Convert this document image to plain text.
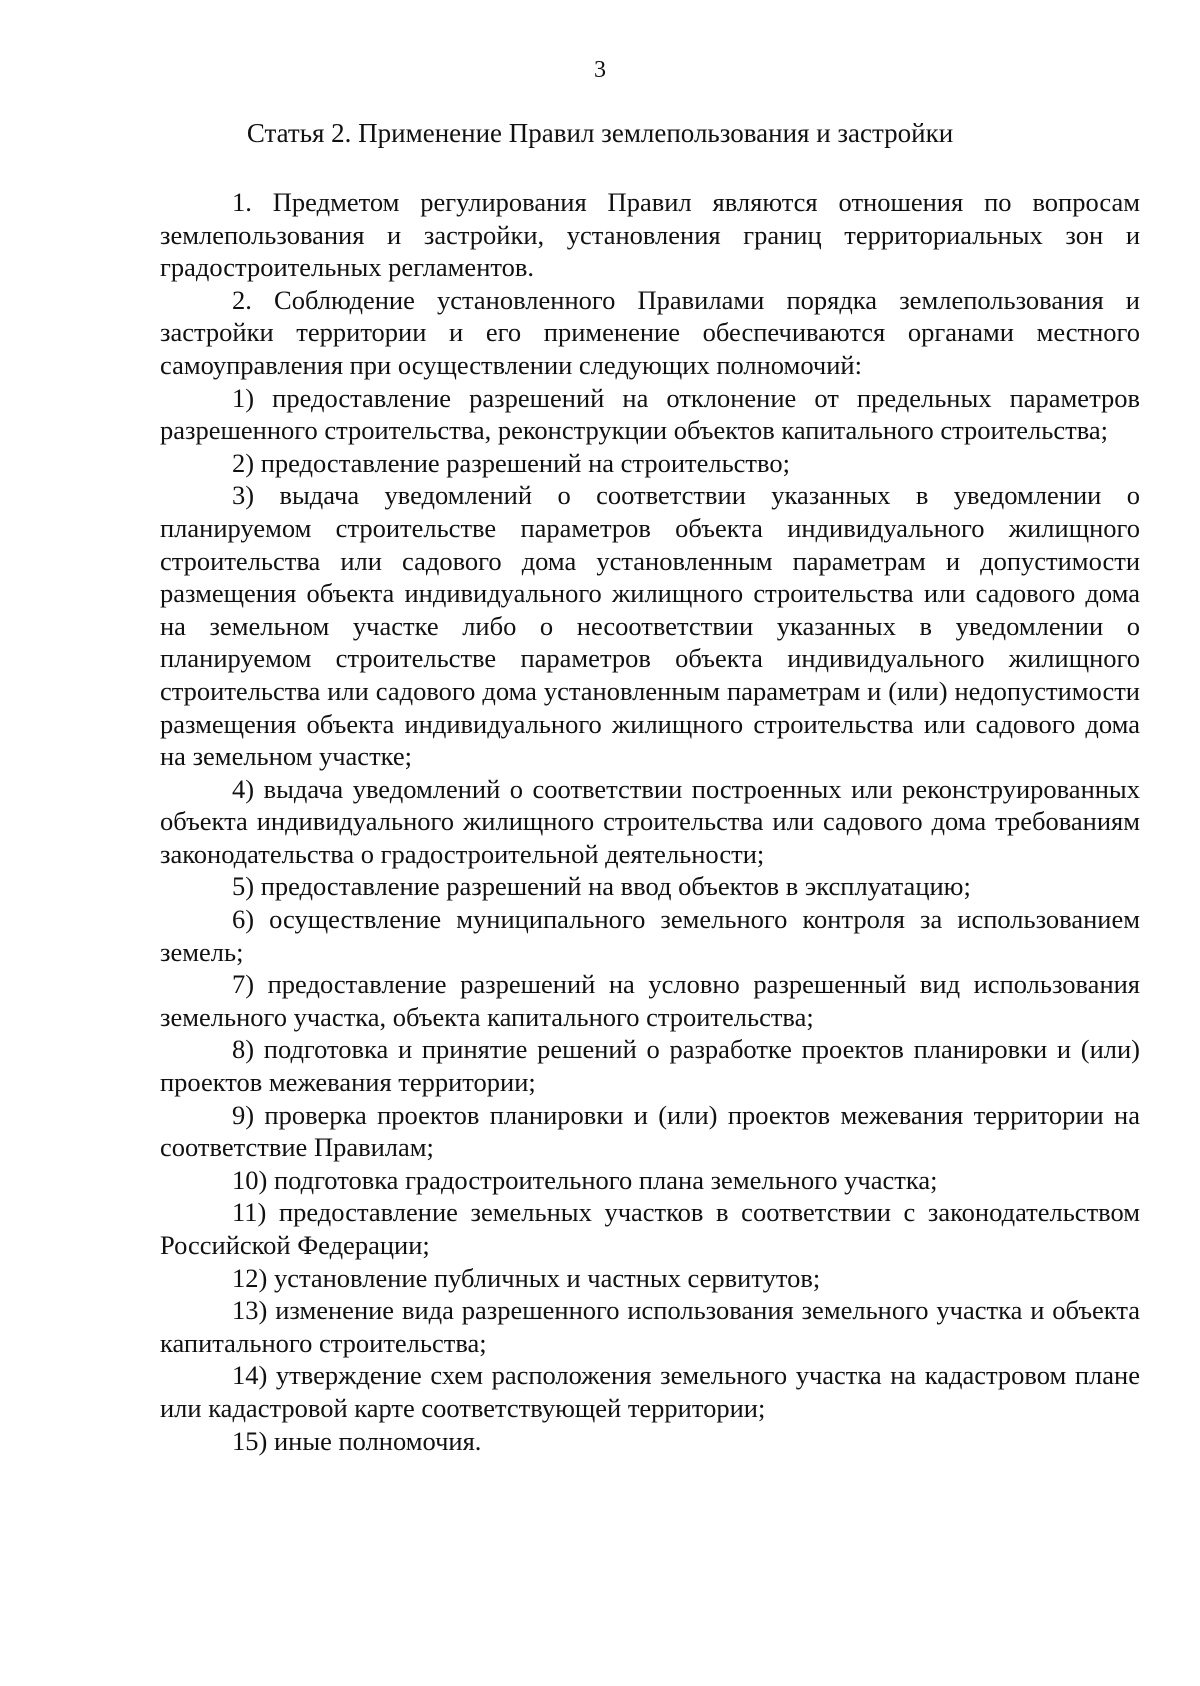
3
Статья 2. Применение Правил землепользования и застройки

1. Предметом регулирования Правил являются отношения по вопросам землепользования и застройки, установления границ территориальных зон и градостроительных регламентов.

2. Соблюдение установленного Правилами порядка землепользования и застройки территории и его применение обеспечиваются органами местного самоуправления при осуществлении следующих полномочий:

1) предоставление разрешений на отклонение от предельных параметров разрешенного строительства, реконструкции объектов капитального строительства;

2) предоставление разрешений на строительство;

3) выдача уведомлений о соответствии указанных в уведомлении о планируемом строительстве параметров объекта индивидуального жилищного строительства или садового дома установленным параметрам и допустимости размещения объекта индивидуального жилищного строительства или садового дома на земельном участке либо о несоответствии указанных в уведомлении о планируемом строительстве параметров объекта индивидуального жилищного строительства или садового дома установленным параметрам и (или) недопустимости размещения объекта индивидуального жилищного строительства или садового дома на земельном участке;

4) выдача уведомлений о соответствии построенных или реконструированных объекта индивидуального жилищного строительства или садового дома требованиям законодательства о градостроительной деятельности;

5) предоставление разрешений на ввод объектов в эксплуатацию;

6) осуществление муниципального земельного контроля за использованием земель;

7) предоставление разрешений на условно разрешенный вид использования земельного участка, объекта капитального строительства;

8) подготовка и принятие решений о разработке проектов планировки и (или) проектов межевания территории;

9) проверка проектов планировки и (или) проектов межевания территории на соответствие Правилам;

10) подготовка градостроительного плана земельного участка;

11) предоставление земельных участков в соответствии с законодательством Российской Федерации;

12) установление публичных и частных сервитутов;

13) изменение вида разрешенного использования земельного участка и объекта капитального строительства;

14) утверждение схем расположения земельного участка на кадастровом плане или кадастровой карте соответствующей территории;

15) иные полномочия.
